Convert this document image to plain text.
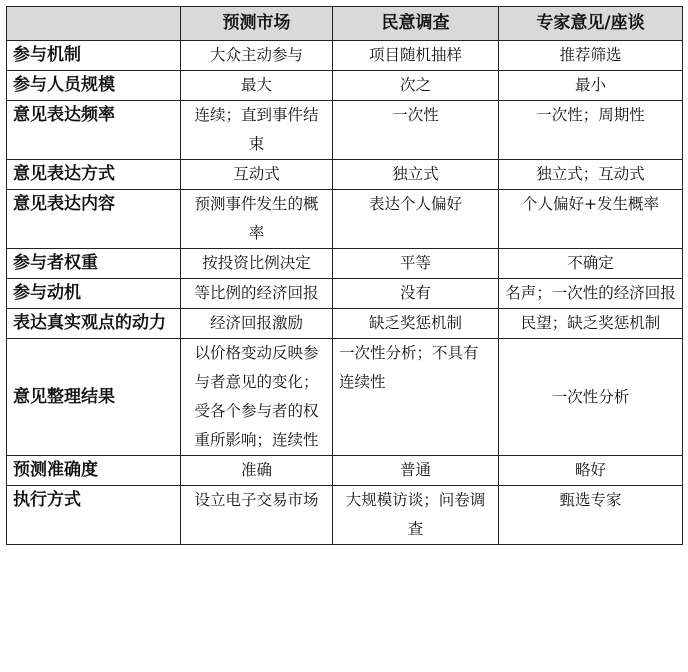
	预测市场	民意调查	专家意见/座谈
参与机制	大众主动参与	项目随机抽样	推荐筛选
参与人员规模	最大	次之	最小
意见表达频率	连续；直到事件结束	一次性	一次性；周期性
意见表达方式	互动式	独立式	独立式；互动式
意见表达内容	预测事件发生的概率	表达个人偏好	个人偏好+发生概率
参与者权重	按投资比例决定	平等	不确定
参与动机	等比例的经济回报	没有	名声；一次性的经济回报
表达真实观点的动力	经济回报激励	缺乏奖惩机制	民望；缺乏奖惩机制
意见整理结果	以价格变动反映参与者意见的变化；受各个参与者的权重所影响；连续性	一次性分析；不具有连续性	一次性分析
预测准确度	准确	普通	略好
执行方式	设立电子交易市场	大规模访谈；问卷调查	甄选专家
